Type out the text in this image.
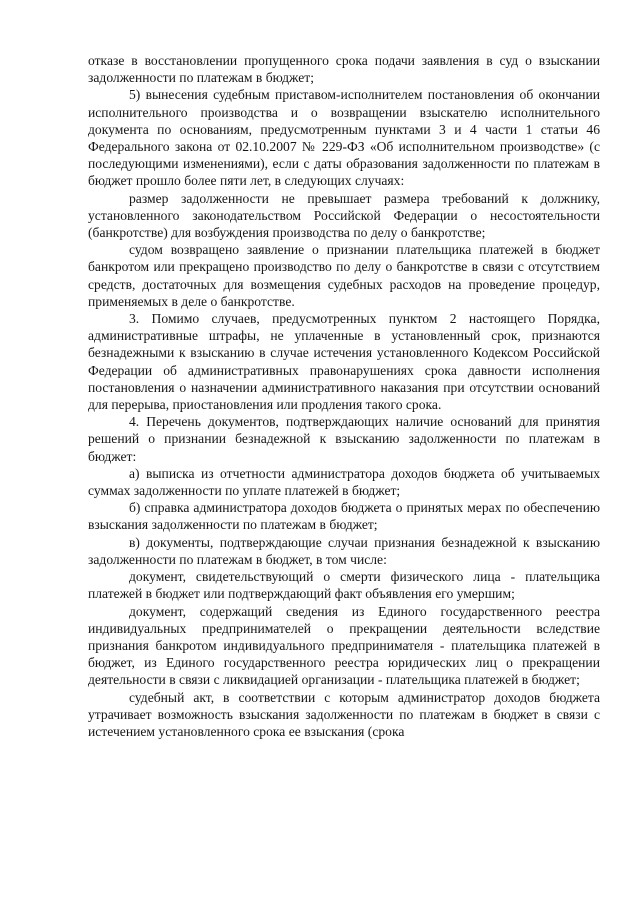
отказе в восстановлении пропущенного срока подачи заявления в суд о взыскании задолженности по платежам в бюджет;

5) вынесения судебным приставом-исполнителем постановления об окончании исполнительного производства и о возвращении взыскателю исполнительного документа по основаниям, предусмотренным пунктами 3 и 4 части 1 статьи 46 Федерального закона от 02.10.2007 № 229-ФЗ «Об исполнительном производстве» (с последующими изменениями), если с даты образования задолженности по платежам в бюджет прошло более пяти лет, в следующих случаях:

размер задолженности не превышает размера требований к должнику, установленного законодательством Российской Федерации о несостоятельности (банкротстве) для возбуждения производства по делу о банкротстве;

судом возвращено заявление о признании плательщика платежей в бюджет банкротом или прекращено производство по делу о банкротстве в связи с отсутствием средств, достаточных для возмещения судебных расходов на проведение процедур, применяемых в деле о банкротстве.

3. Помимо случаев, предусмотренных пунктом 2 настоящего Порядка, административные штрафы, не уплаченные в установленный срок, признаются безнадежными к взысканию в случае истечения установленного Кодексом Российской Федерации об административных правонарушениях срока давности исполнения постановления о назначении административного наказания при отсутствии оснований для перерыва, приостановления или продления такого срока.

4. Перечень документов, подтверждающих наличие оснований для принятия решений о признании безнадежной к взысканию задолженности по платежам в бюджет:

а) выписка из отчетности администратора доходов бюджета об учитываемых суммах задолженности по уплате платежей в бюджет;

б) справка администратора доходов бюджета о принятых мерах по обеспечению взыскания задолженности по платежам в бюджет;

в) документы, подтверждающие случаи признания безнадежной к взысканию задолженности по платежам в бюджет, в том числе:

документ, свидетельствующий о смерти физического лица - плательщика платежей в бюджет или подтверждающий факт объявления его умершим;

документ, содержащий сведения из Единого государственного реестра индивидуальных предпринимателей о прекращении деятельности вследствие признания банкротом индивидуального предпринимателя - плательщика платежей в бюджет, из Единого государственного реестра юридических лиц о прекращении деятельности в связи с ликвидацией организации - плательщика платежей в бюджет;

судебный акт, в соответствии с которым администратор доходов бюджета утрачивает возможность взыскания задолженности по платежам в бюджет в связи с истечением установленного срока ее взыскания (срока
